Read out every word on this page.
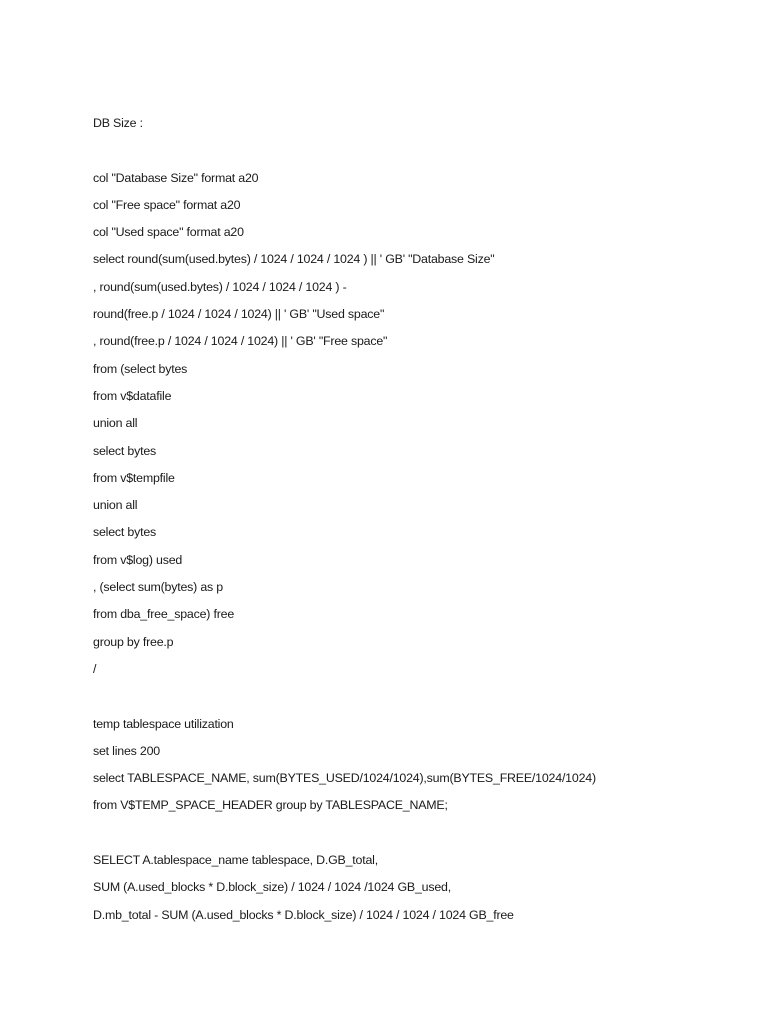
DB Size :
col "Database Size" format a20
col "Free space" format a20
col "Used space" format a20
select round(sum(used.bytes) / 1024 / 1024 / 1024 ) || ' GB' "Database Size"
, round(sum(used.bytes) / 1024 / 1024 / 1024 ) -
round(free.p / 1024 / 1024 / 1024) || ' GB' "Used space"
, round(free.p / 1024 / 1024 / 1024) || ' GB' "Free space"
from (select bytes
from v$datafile
union all
select bytes
from v$tempfile
union all
select bytes
from v$log) used
, (select sum(bytes) as p
from dba_free_space) free
group by free.p
/
temp tablespace utilization
set lines 200
select TABLESPACE_NAME, sum(BYTES_USED/1024/1024),sum(BYTES_FREE/1024/1024)
from V$TEMP_SPACE_HEADER group by TABLESPACE_NAME;
SELECT A.tablespace_name tablespace, D.GB_total,
SUM (A.used_blocks * D.block_size) / 1024 / 1024 /1024 GB_used,
D.mb_total - SUM (A.used_blocks * D.block_size) / 1024 / 1024 / 1024 GB_free
